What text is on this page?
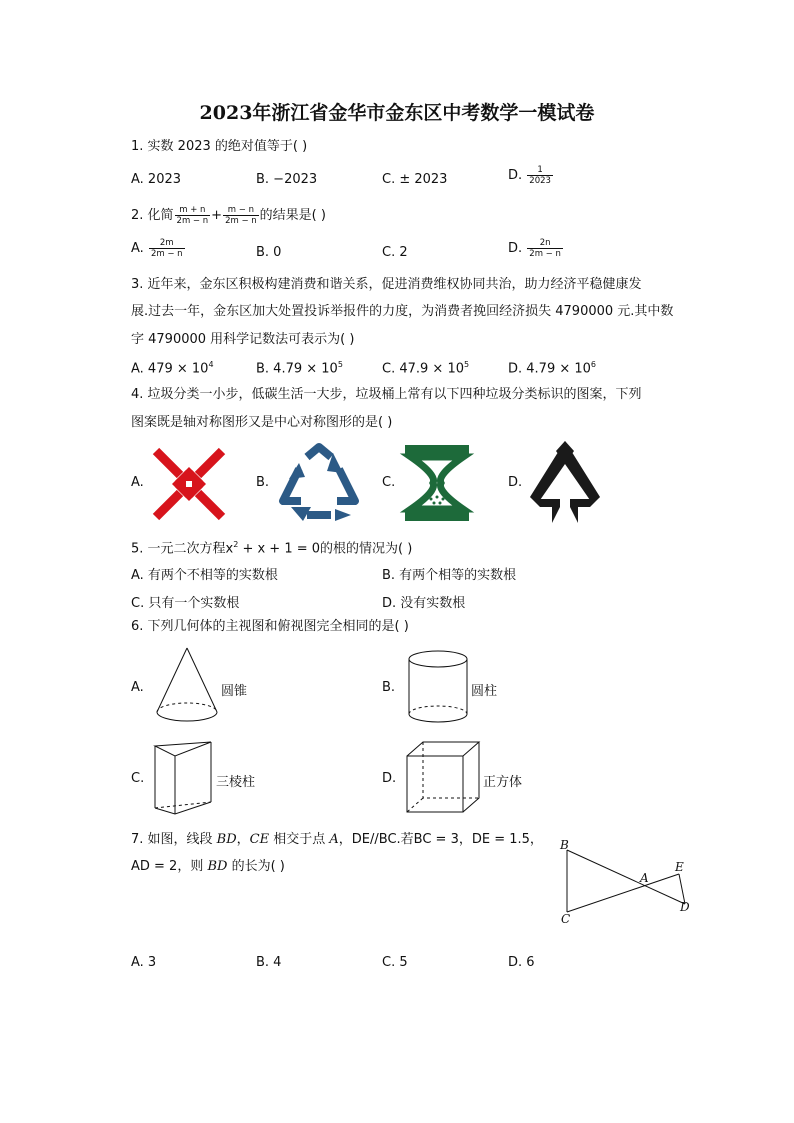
2023年浙江省金华市金东区中考数学一模试卷
1. 实数 2023 的绝对值等于( )
A. 2023	B. −2023	C. ± 2023	D. $\frac{1}{2023}$
2. 化简 $\frac{m + n}{2m - n} + \frac{m - n}{2m - n}$ 的结果是( )
A. $\frac{2m}{2m - n}$	B. 0	C. 2	D. $\frac{2n}{2m - n}$
3. 近年来，金东区积极构建消费和谐关系，促进消费维权协同共治，助力经济平稳健康发
展.过去一年，金东区加大处置投诉举报件的力度，为消费者挽回经济损失 4790000 元.其中数
字 4790000 用科学记数法可表示为( )
A. $479 \times 10^4$	B. $4.79 \times 10^5$	C. $47.9 \times 10^5$	D. $4.79 \times 10^6$
4. 垃圾分类一小步，低碳生活一大步，垃圾桶上常有以下四种垃圾分类标识的图案，下列
图案既是轴对称图形又是中心对称图形的是( )
A.	B.	C.	D.
5. 一元二次方程$x^2 + x + 1 = 0$的根的情况为( )
A. 有两个不相等的实数根	B. 有两个相等的实数根
C. 只有一个实数根	D. 没有实数根
6. 下列几何体的主视图和俯视图完全相同的是( )
A.	圆锥	B.	圆柱
C.	三棱柱	D.	正方体
7. 如图，线段 BD，CE 相交于点 A，DE//BC.若BC = 3，DE = 1.5，
AD = 2，则 BD 的长为( )
B
C
A
E
D
A. 3	B. 4	C. 5	D. 6
